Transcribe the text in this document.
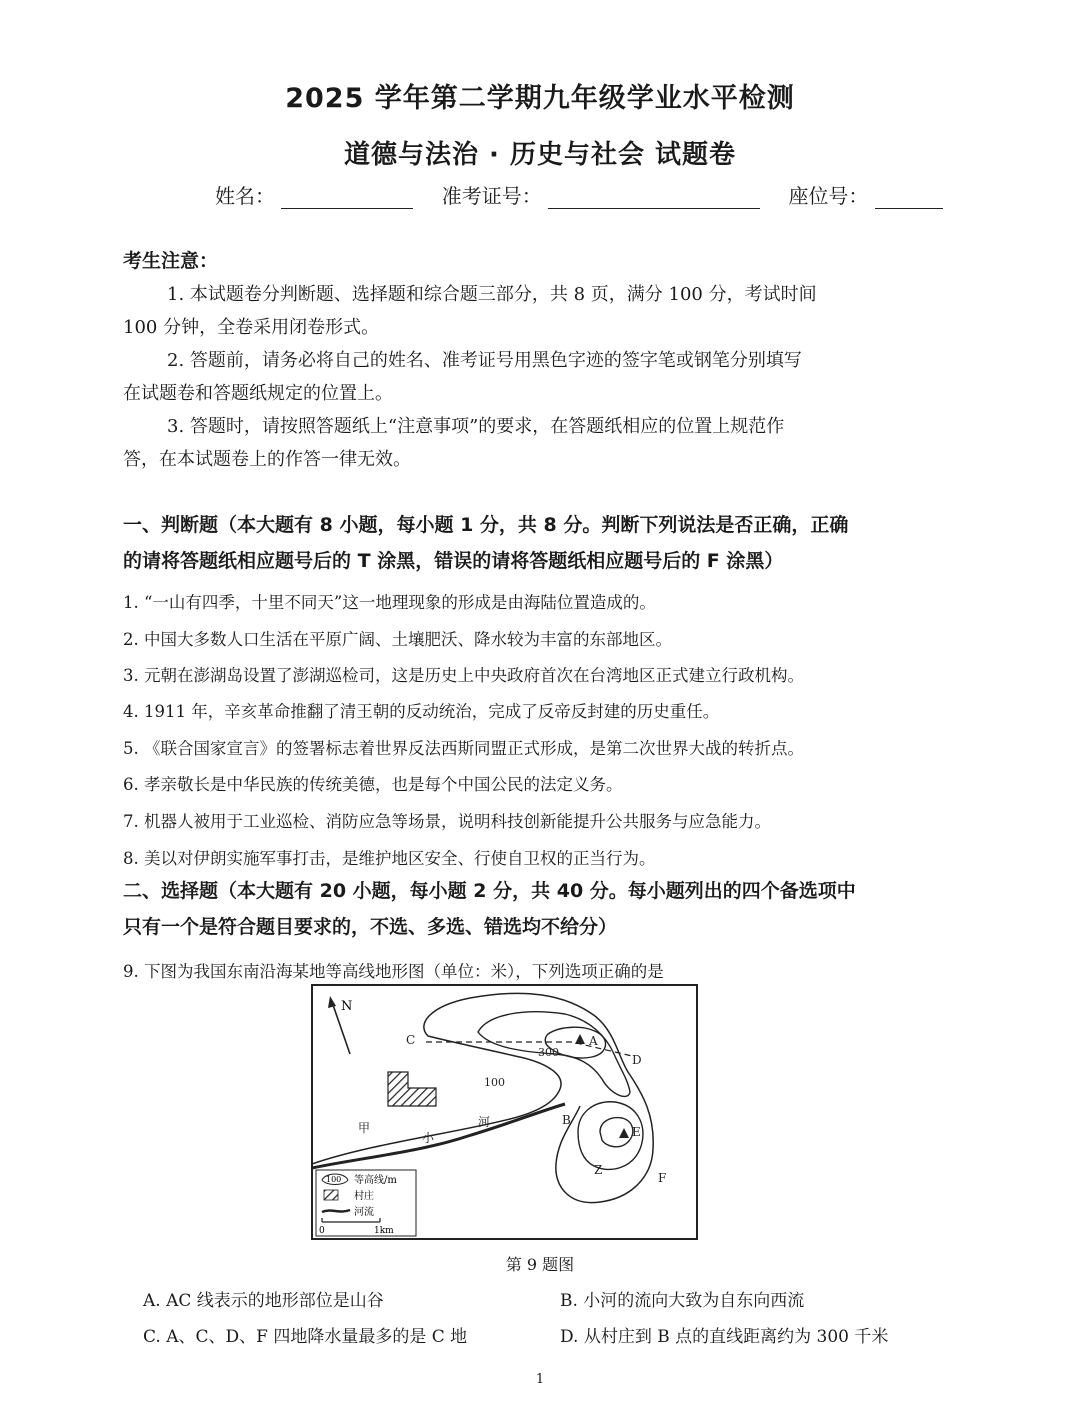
2025 学年第二学期九年级学业水平检测
道德与法治 · 历史与社会 试题卷
姓名：	准考证号：	座位号：
考生注意：
1. 本试题卷分判断题、选择题和综合题三部分，共 8 页，满分 100 分，考试时间
100 分钟，全卷采用闭卷形式。
2. 答题前，请务必将自己的姓名、准考证号用黑色字迹的签字笔或钢笔分别填写
在试题卷和答题纸规定的位置上。
3. 答题时，请按照答题纸上“注意事项”的要求，在答题纸相应的位置上规范作
答，在本试题卷上的作答一律无效。
一、判断题（本大题有 8 小题，每小题 1 分，共 8 分。判断下列说法是否正确，正确
的请将答题纸相应题号后的 T 涂黑，错误的请将答题纸相应题号后的 F 涂黑）
1. “一山有四季，十里不同天”这一地理现象的形成是由海陆位置造成的。
2. 中国大多数人口生活在平原广阔、土壤肥沃、降水较为丰富的东部地区。
3. 元朝在澎湖岛设置了澎湖巡检司，这是历史上中央政府首次在台湾地区正式建立行政机构。
4. 1911 年，辛亥革命推翻了清王朝的反动统治，完成了反帝反封建的历史重任。
5. 《联合国家宣言》的签署标志着世界反法西斯同盟正式形成，是第二次世界大战的转折点。
6. 孝亲敬长是中华民族的传统美德，也是每个中国公民的法定义务。
7. 机器人被用于工业巡检、消防应急等场景，说明科技创新能提升公共服务与应急能力。
8. 美以对伊朗实施军事打击，是维护地区安全、行使自卫权的正当行为。
二、选择题（本大题有 20 小题，每小题 2 分，共 40 分。每小题列出的四个备选项中
只有一个是符合题目要求的，不选、多选、错选均不给分）
9. 下图为我国东南沿海某地等高线地形图（单位：米），下列选项正确的是
N
C	A
D
B
E
F
Z
300
100
甲
小
河
100 等高线/m
村庄
河流
0	1km
第 9 题图
A. AC 线表示的地形部位是山谷	B. 小河的流向大致为自东向西流
C. A、C、D、F 四地降水量最多的是 C 地	D. 从村庄到 B 点的直线距离约为 300 千米
1
